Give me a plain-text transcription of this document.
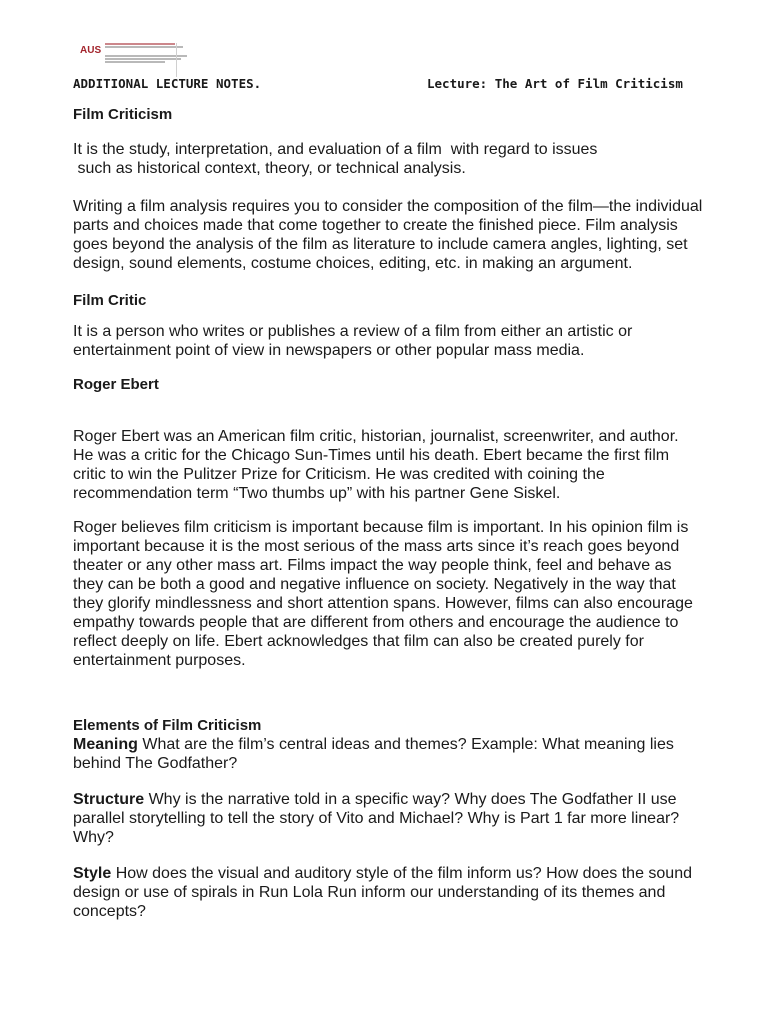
AUS
ADDITIONAL LECTURE NOTES.	Lecture: The Art of Film Criticism
Film Criticism

It is the study, interpretation, and evaluation of a film  with regard to issues

such as historical context, theory, or technical analysis.

Writing a film analysis requires you to consider the composition of the film—the individual parts and choices made that come together to create the finished piece. Film analysis goes beyond the analysis of the film as literature to include camera angles, lighting, set design, sound elements, costume choices, editing, etc. in making an argument.

Film Critic

It is a person who writes or publishes a review of a film from either an artistic or entertainment point of view in newspapers or other popular mass media.

Roger Ebert

Roger Ebert was an American film critic, historian, journalist, screenwriter, and author. He was a critic for the Chicago Sun-Times until his death. Ebert became the first film critic to win the Pulitzer Prize for Criticism. He was credited with coining the recommendation term “Two thumbs up” with his partner Gene Siskel.

Roger believes film criticism is important because film is important. In his opinion film is important because it is the most serious of the mass arts since it’s reach goes beyond theater or any other mass art. Films impact the way people think, feel and behave as they can be both a good and negative influence on society. Negatively in the way that they glorify mindlessness and short attention spans. However, films can also encourage empathy towards people that are different from others and encourage the audience to reflect deeply on life. Ebert acknowledges that film can also be created purely for entertainment purposes.

Elements of Film Criticism

Meaning What are the film’s central ideas and themes? Example: What meaning lies behind The Godfather?

Structure Why is the narrative told in a specific way? Why does The Godfather II use parallel storytelling to tell the story of Vito and Michael? Why is Part 1 far more linear? Why?

Style How does the visual and auditory style of the film inform us? How does the sound design or use of spirals in Run Lola Run inform our understanding of its themes and concepts?
